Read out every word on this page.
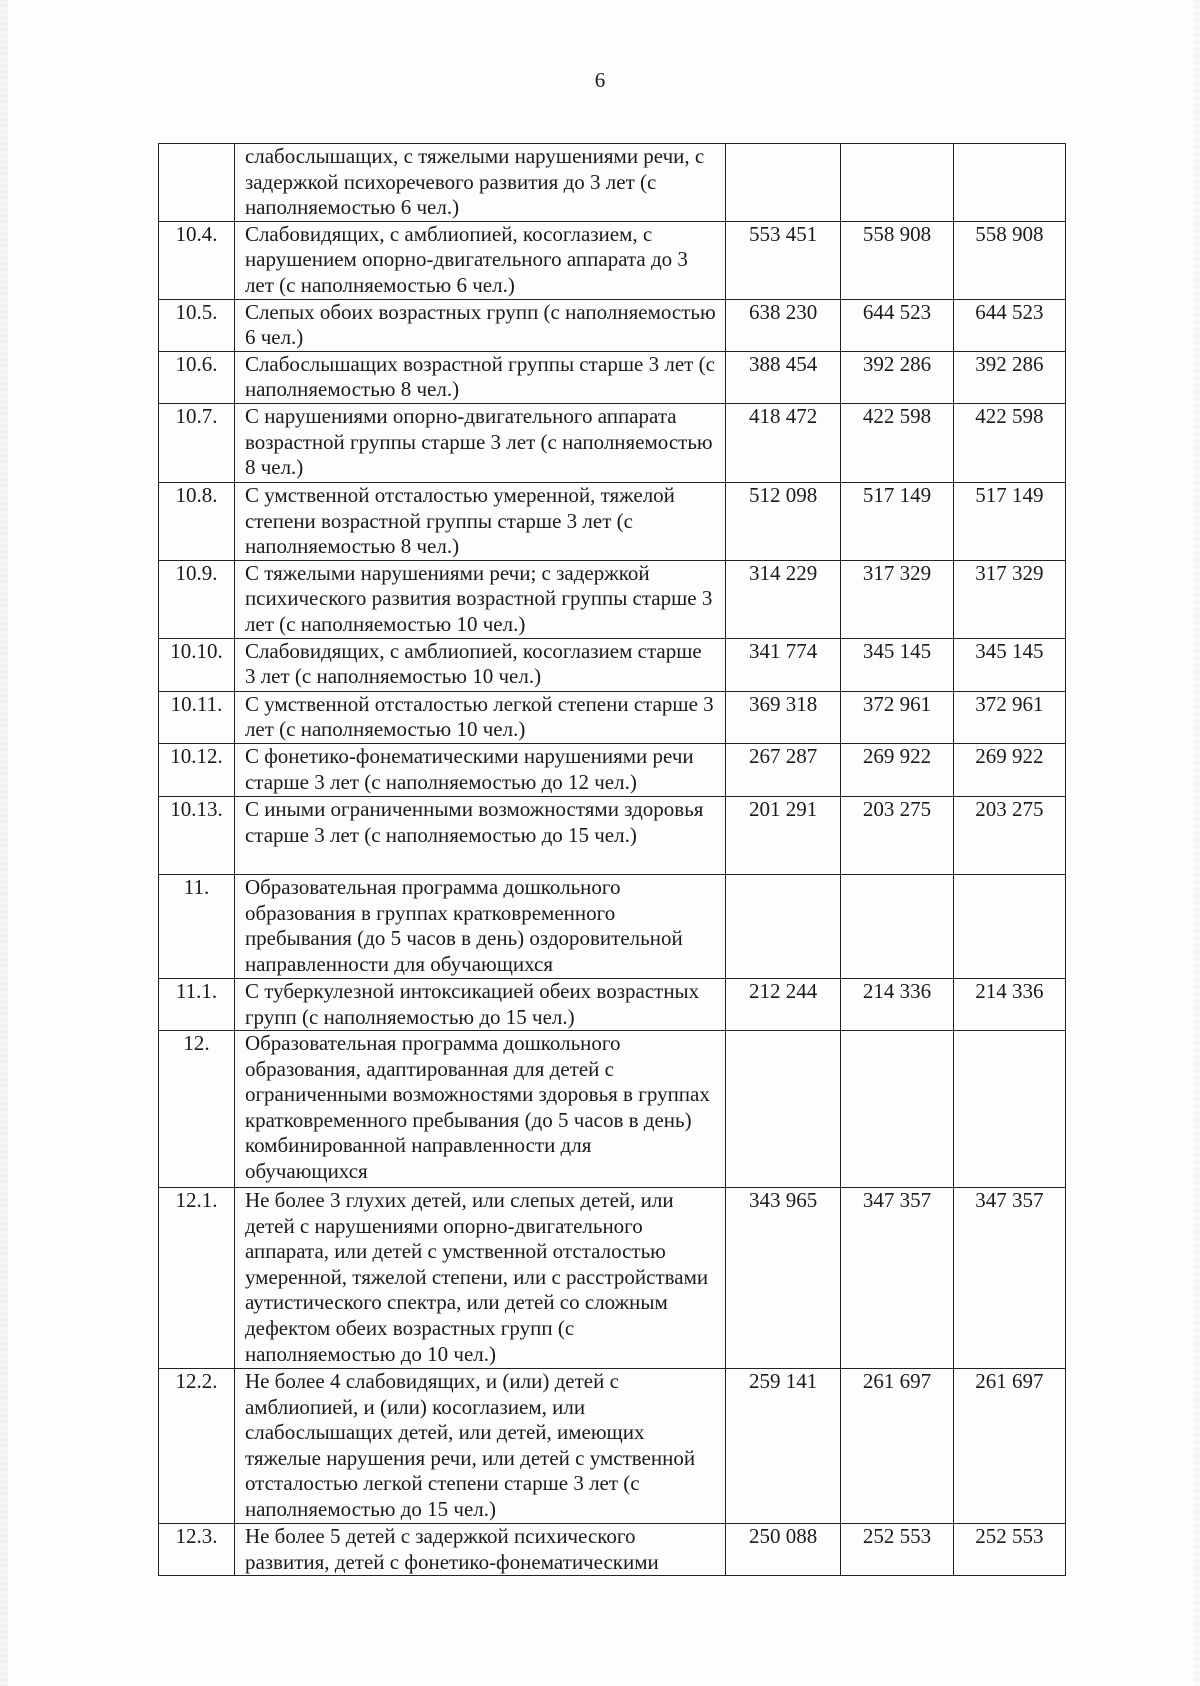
6
	слабослышащих, с тяжелыми нарушениями речи, с задержкой психоречевого развития до 3 лет (с наполняемостью 6 чел.)			
10.4.	Слабовидящих, с амблиопией, косоглазием, с нарушением опорно-двигательного аппарата до 3 лет (с наполняемостью 6 чел.)	553 451	558 908	558 908
10.5.	Слепых обоих возрастных групп (с наполняемостью 6 чел.)	638 230	644 523	644 523
10.6.	Слабослышащих возрастной группы старше 3 лет (с наполняемостью 8 чел.)	388 454	392 286	392 286
10.7.	С нарушениями опорно-двигательного аппарата возрастной группы старше 3 лет (с наполняемостью 8 чел.)	418 472	422 598	422 598
10.8.	С умственной отсталостью умеренной, тяжелой степени возрастной группы старше 3 лет (с наполняемостью 8 чел.)	512 098	517 149	517 149
10.9.	С тяжелыми нарушениями речи; с задержкой психического развития возрастной группы старше 3 лет (с наполняемостью 10 чел.)	314 229	317 329	317 329
10.10.	Слабовидящих, с амблиопией, косоглазием старше 3 лет (с наполняемостью 10 чел.)	341 774	345 145	345 145
10.11.	С умственной отсталостью легкой степени старше 3 лет (с наполняемостью 10 чел.)	369 318	372 961	372 961
10.12.	С фонетико-фонематическими нарушениями речи старше 3 лет (с наполняемостью до 12 чел.)	267 287	269 922	269 922
10.13.	С иными ограниченными возможностями здоровья старше 3 лет (с наполняемостью до 15 чел.)	201 291	203 275	203 275
11.	Образовательная программа дошкольного образования в группах кратковременного пребывания (до 5 часов в день) оздоровительной направленности для обучающихся			
11.1.	С туберкулезной интоксикацией обеих возрастных групп (с наполняемостью до 15 чел.)	212 244	214 336	214 336
12.	Образовательная программа дошкольного образования, адаптированная для детей с ограниченными возможностями здоровья в группах кратковременного пребывания (до 5 часов в день) комбинированной направленности для обучающихся			
12.1.	Не более 3 глухих детей, или слепых детей, или детей с нарушениями опорно-двигательного аппарата, или детей с умственной отсталостью умеренной, тяжелой степени, или с расстройствами аутистического спектра, или детей со сложным дефектом обеих возрастных групп (с наполняемостью до 10 чел.)	343 965	347 357	347 357
12.2.	Не более 4 слабовидящих, и (или) детей с амблиопией, и (или) косоглазием, или слабослышащих детей, или детей, имеющих тяжелые нарушения речи, или детей с умственной отсталостью легкой степени старше 3 лет (с наполняемостью до 15 чел.)	259 141	261 697	261 697
12.3.	Не более 5 детей с задержкой психического развития, детей с фонетико-фонематическими	250 088	252 553	252 553
